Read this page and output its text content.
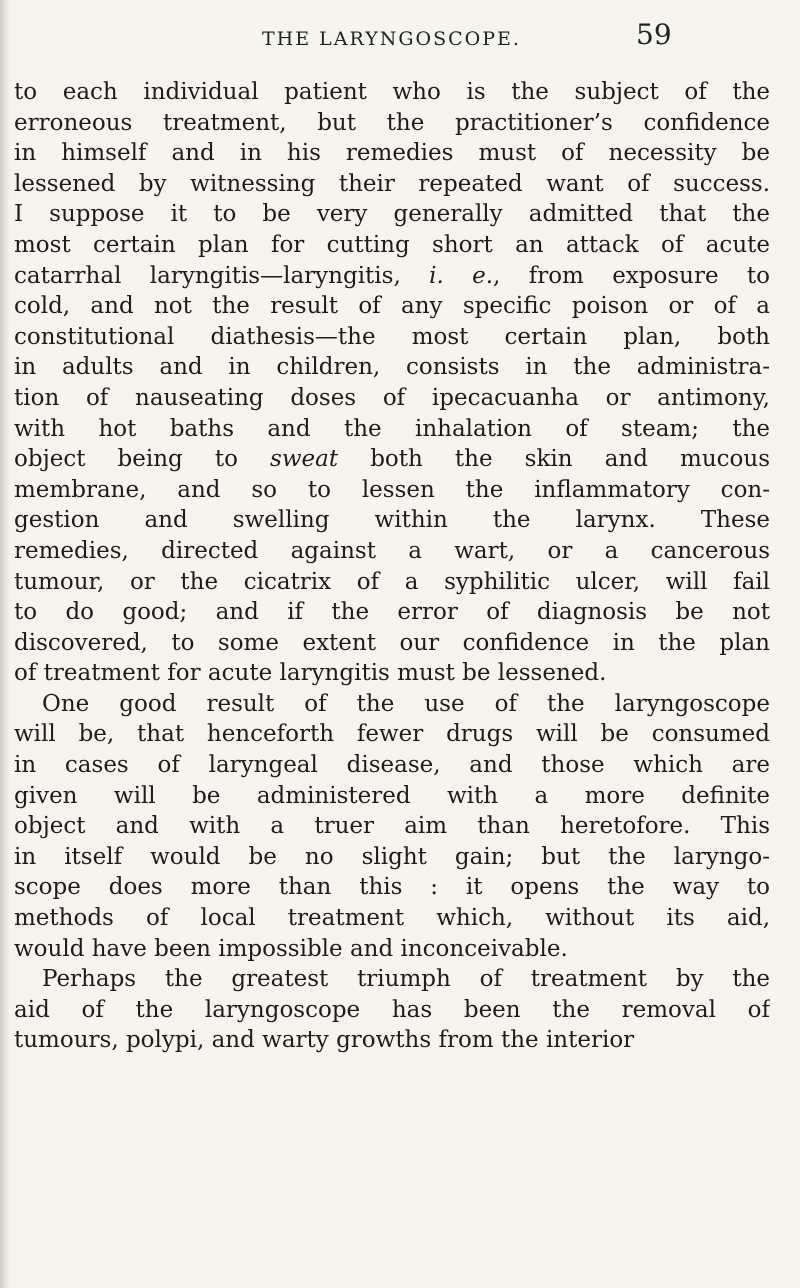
THE LARYNGOSCOPE.	59
to each individual patient who is the subject of the
erroneous treatment, but the practitioner’s confidence
in himself and in his remedies must of necessity be
lessened by witnessing their repeated want of success.
I suppose it to be very generally admitted that the
most certain plan for cutting short an attack of acute
catarrhal laryngitis—laryngitis, i. e., from exposure to
cold, and not the result of any specific poison or of a
constitutional diathesis—the most certain plan, both
in adults and in children, consists in the administra-
tion of nauseating doses of ipecacuanha or antimony,
with hot baths and the inhalation of steam; the
object being to sweat both the skin and mucous
membrane, and so to lessen the inflammatory con-
gestion and swelling within the larynx. These
remedies, directed against a wart, or a cancerous
tumour, or the cicatrix of a syphilitic ulcer, will fail
to do good; and if the error of diagnosis be not
discovered, to some extent our confidence in the plan
of treatment for acute laryngitis must be lessened.
One good result of the use of the laryngoscope
will be, that henceforth fewer drugs will be consumed
in cases of laryngeal disease, and those which are
given will be administered with a more definite
object and with a truer aim than heretofore. This
in itself would be no slight gain; but the laryngo-
scope does more than this : it opens the way to
methods of local treatment which, without its aid,
would have been impossible and inconceivable.
Perhaps the greatest triumph of treatment by the
aid of the laryngoscope has been the removal of
tumours, polypi, and warty growths from the interior
